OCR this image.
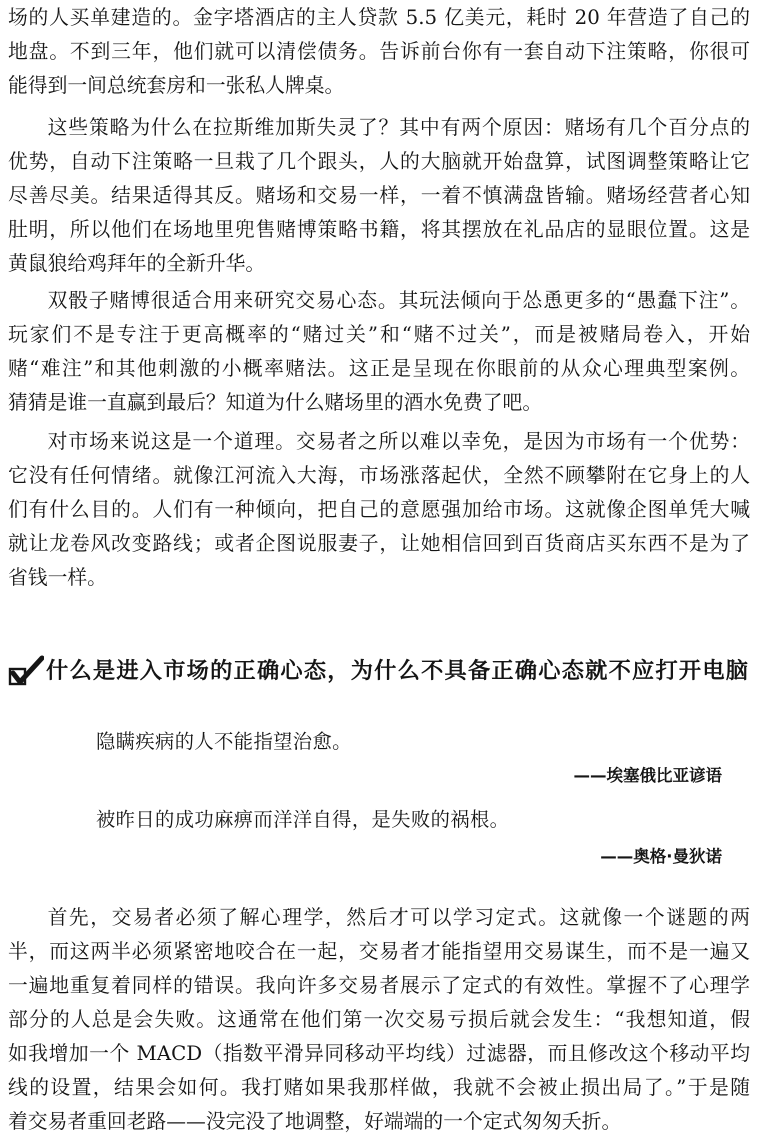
场的人买单建造的。金字塔酒店的主人贷款 5.5 亿美元，耗时 20 年营造了自己的
地盘。不到三年，他们就可以清偿债务。告诉前台你有一套自动下注策略，你很可
能得到一间总统套房和一张私人牌桌。
这些策略为什么在拉斯维加斯失灵了？其中有两个原因：赌场有几个百分点的
优势，自动下注策略一旦栽了几个跟头，人的大脑就开始盘算，试图调整策略让它
尽善尽美。结果适得其反。赌场和交易一样，一着不慎满盘皆输。赌场经营者心知
肚明，所以他们在场地里兜售赌博策略书籍，将其摆放在礼品店的显眼位置。这是
黄鼠狼给鸡拜年的全新升华。
双骰子赌博很适合用来研究交易心态。其玩法倾向于怂恿更多的“愚蠢下注”。
玩家们不是专注于更高概率的“赌过关”和“赌不过关”，而是被赌局卷入，开始
赌“难注”和其他刺激的小概率赌法。这正是呈现在你眼前的从众心理典型案例。
猜猜是谁一直赢到最后？知道为什么赌场里的酒水免费了吧。
对市场来说这是一个道理。交易者之所以难以幸免，是因为市场有一个优势：
它没有任何情绪。就像江河流入大海，市场涨落起伏，全然不顾攀附在它身上的人
们有什么目的。人们有一种倾向，把自己的意愿强加给市场。这就像企图单凭大喊
就让龙卷风改变路线；或者企图说服妻子，让她相信回到百货商店买东西不是为了
省钱一样。
什么是进入市场的正确心态，为什么不具备正确心态就不应打开电脑
隐瞒疾病的人不能指望治愈。
——埃塞俄比亚谚语
被昨日的成功麻痹而洋洋自得，是失败的祸根。
——奥格·曼狄诺
首先，交易者必须了解心理学，然后才可以学习定式。这就像一个谜题的两
半，而这两半必须紧密地咬合在一起，交易者才能指望用交易谋生，而不是一遍又
一遍地重复着同样的错误。我向许多交易者展示了定式的有效性。掌握不了心理学
部分的人总是会失败。这通常在他们第一次交易亏损后就会发生：“我想知道，假
如我增加一个 MACD（指数平滑异同移动平均线）过滤器，而且修改这个移动平均
线的设置，结果会如何。我打赌如果我那样做，我就不会被止损出局了。”于是随
着交易者重回老路——没完没了地调整，好端端的一个定式匆匆夭折。
